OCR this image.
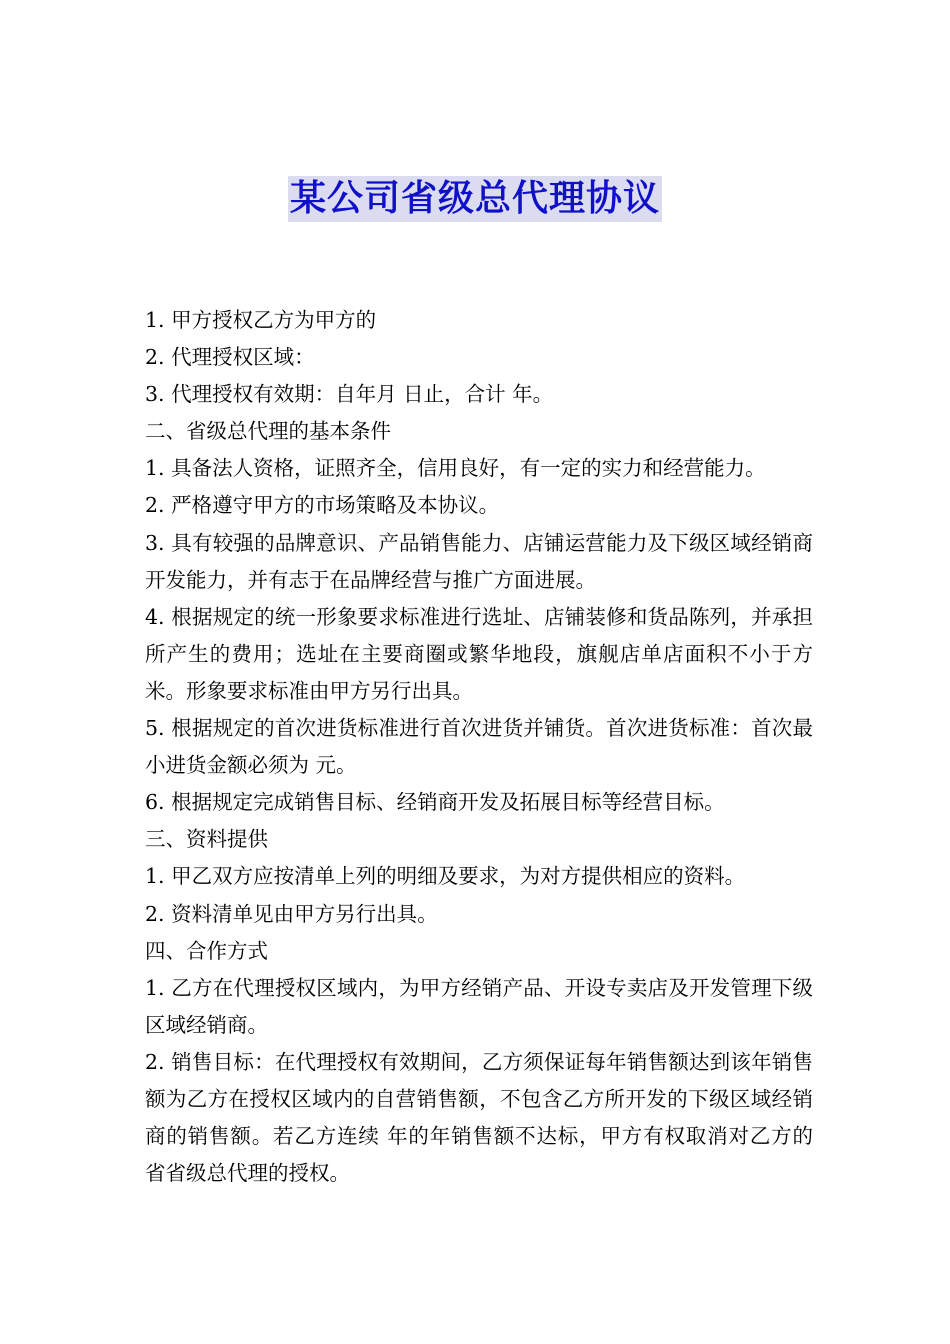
某公司省级总代理协议

1. 甲方授权乙方为甲方的

2. 代理授权区域：

3. 代理授权有效期：自年月 日止，合计 年。

二、省级总代理的基本条件

1. 具备法人资格，证照齐全，信用良好，有一定的实力和经营能力。

2. 严格遵守甲方的市场策略及本协议。

3. 具有较强的品牌意识、产品销售能力、店铺运营能力及下级区域经销商开发能力，并有志于在品牌经营与推广方面进展。

4. 根据规定的统一形象要求标准进行选址、店铺装修和货品陈列，并承担所产生的费用；选址在主要商圈或繁华地段，旗舰店单店面积不小于方米。形象要求标准由甲方另行出具。

5. 根据规定的首次进货标准进行首次进货并铺货。首次进货标准：首次最小进货金额必须为 元。

6. 根据规定完成销售目标、经销商开发及拓展目标等经营目标。

三、资料提供

1. 甲乙双方应按清单上列的明细及要求，为对方提供相应的资料。

2. 资料清单见由甲方另行出具。

四、合作方式

1. 乙方在代理授权区域内，为甲方经销产品、开设专卖店及开发管理下级区域经销商。

2. 销售目标：在代理授权有效期间，乙方须保证每年销售额达到该年销售额为乙方在授权区域内的自营销售额，不包含乙方所开发的下级区域经销商的销售额。若乙方连续 年的年销售额不达标，甲方有权取消对乙方的 省省级总代理的授权。
